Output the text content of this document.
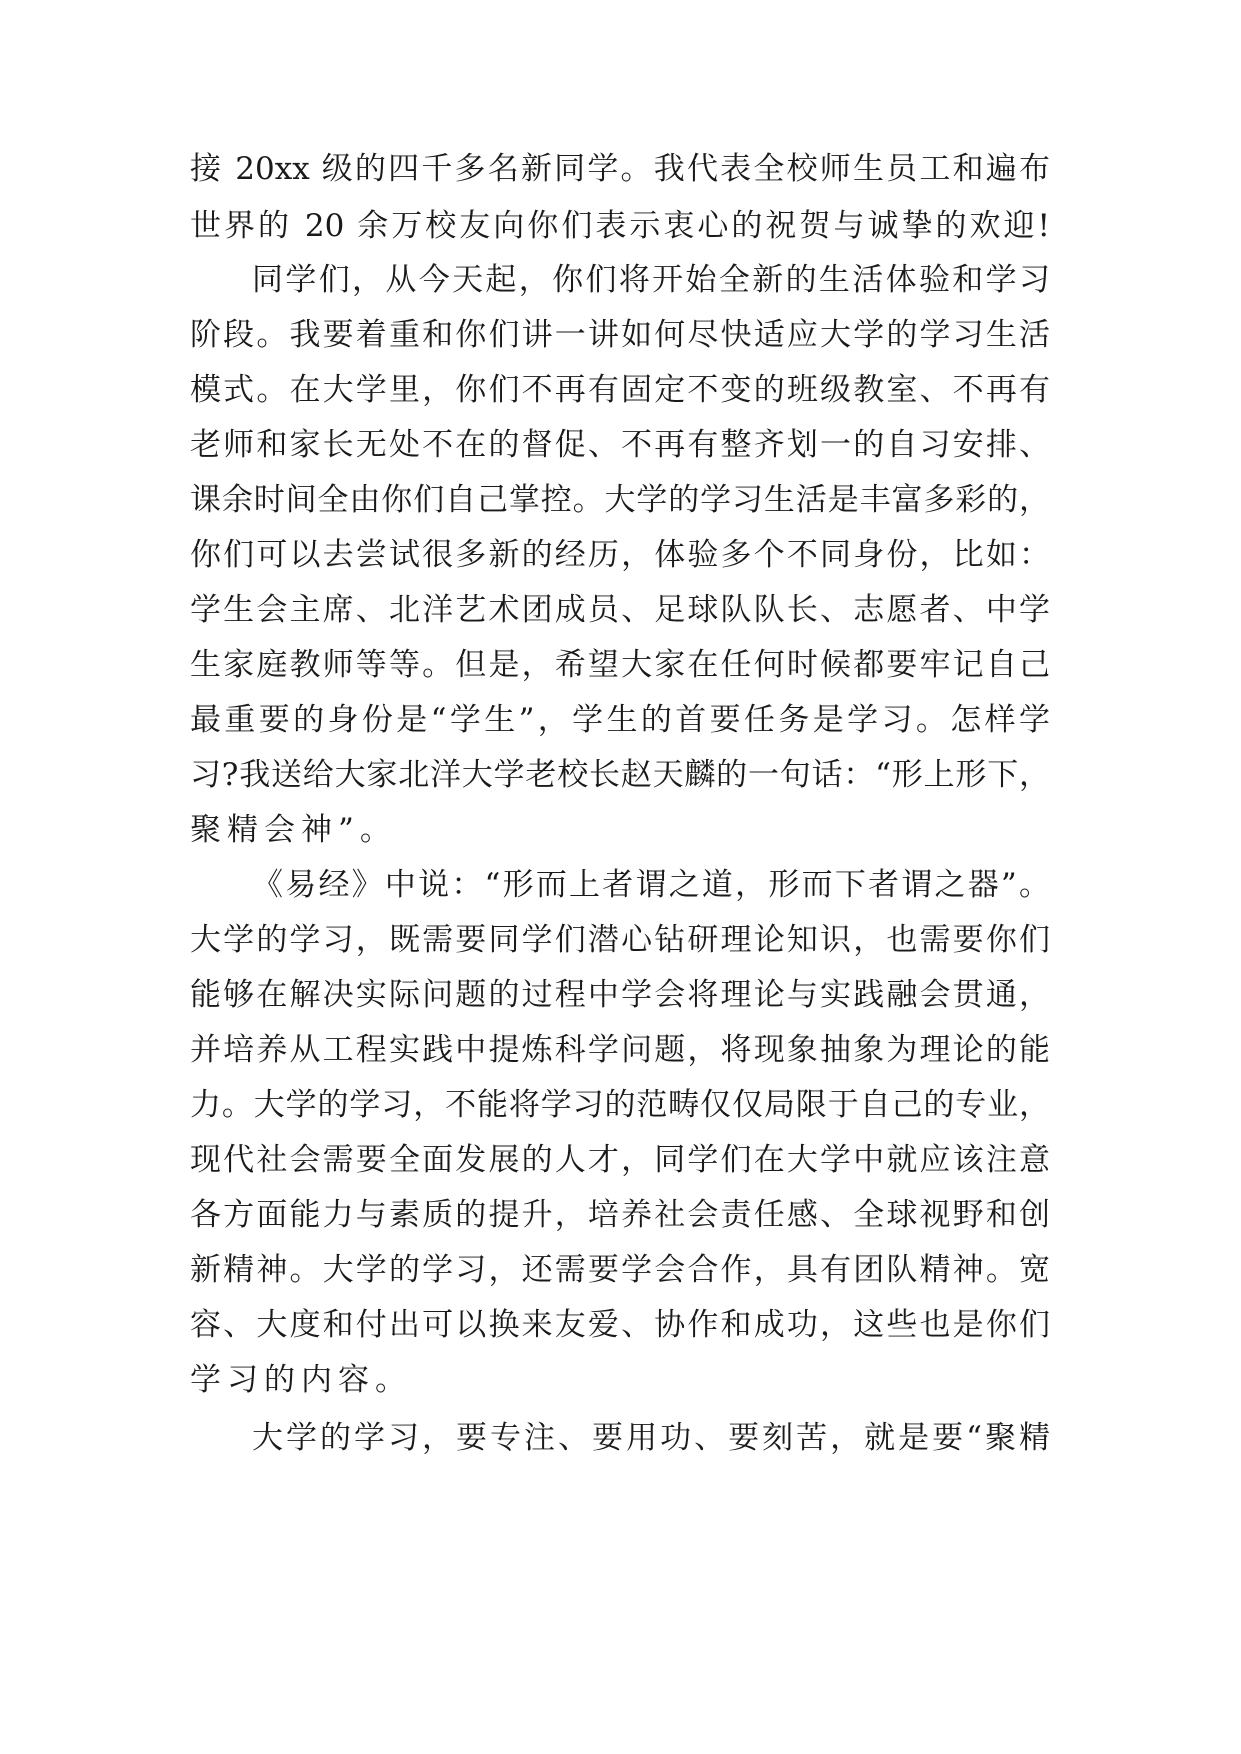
接 20xx 级的四千多名新同学。我代表全校师生员工和遍布
世界的 20 余万校友向你们表示衷心的祝贺与诚挚的欢迎!
同学们，从今天起，你们将开始全新的生活体验和学习
阶段。我要着重和你们讲一讲如何尽快适应大学的学习生活
模式。在大学里，你们不再有固定不变的班级教室、不再有
老师和家长无处不在的督促、不再有整齐划一的自习安排、
课余时间全由你们自己掌控。大学的学习生活是丰富多彩的，
你们可以去尝试很多新的经历，体验多个不同身份，比如：
学生会主席、北洋艺术团成员、足球队队长、志愿者、中学
生家庭教师等等。但是，希望大家在任何时候都要牢记自己
最重要的身份是“学生”，学生的首要任务是学习。怎样学
习?我送给大家北洋大学老校长赵天麟的一句话：“形上形下，
聚精会神”。
《易经》中说：“形而上者谓之道，形而下者谓之器”。
大学的学习，既需要同学们潜心钻研理论知识，也需要你们
能够在解决实际问题的过程中学会将理论与实践融会贯通，
并培养从工程实践中提炼科学问题，将现象抽象为理论的能
力。大学的学习，不能将学习的范畴仅仅局限于自己的专业，
现代社会需要全面发展的人才，同学们在大学中就应该注意
各方面能力与素质的提升，培养社会责任感、全球视野和创
新精神。大学的学习，还需要学会合作，具有团队精神。宽
容、大度和付出可以换来友爱、协作和成功，这些也是你们
学习的内容。
大学的学习，要专注、要用功、要刻苦，就是要“聚精
